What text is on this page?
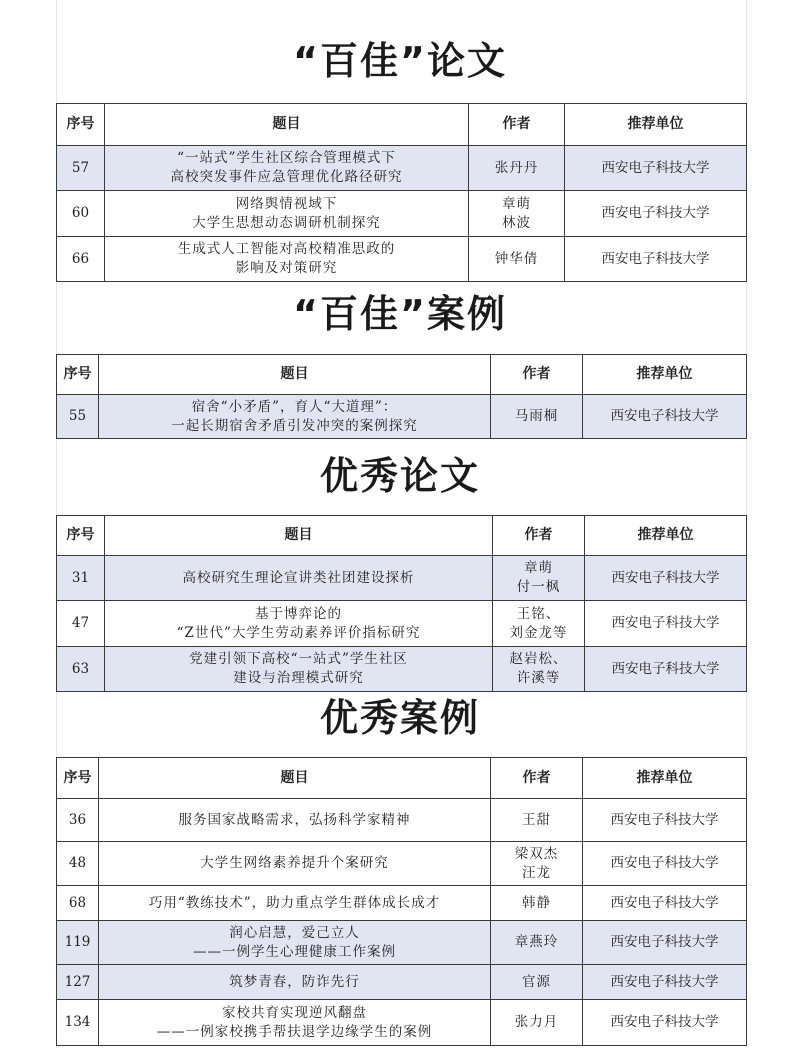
“百佳”论文
序号	题目	作者	推荐单位
57	“一站式”学生社区综合管理模式下
高校突发事件应急管理优化路径研究	张丹丹	西安电子科技大学
60	网络舆情视域下
大学生思想动态调研机制探究	章萌
林波	西安电子科技大学
66	生成式人工智能对高校精准思政的
影响及对策研究	钟华倩	西安电子科技大学
“百佳”案例
序号	题目	作者	推荐单位
55	宿舍“小矛盾”，育人“大道理”：
一起长期宿舍矛盾引发冲突的案例探究	马雨桐	西安电子科技大学
优秀论文
序号	题目	作者	推荐单位
31	高校研究生理论宣讲类社团建设探析	章萌
付一枫	西安电子科技大学
47	基于博弈论的
“Z世代”大学生劳动素养评价指标研究	王铭、
刘金龙等	西安电子科技大学
63	党建引领下高校“一站式”学生社区
建设与治理模式研究	赵岩松、
许溪等	西安电子科技大学
优秀案例
序号	题目	作者	推荐单位
36	服务国家战略需求，弘扬科学家精神	王甜	西安电子科技大学
48	大学生网络素养提升个案研究	梁双杰
汪龙	西安电子科技大学
68	巧用“教练技术”，助力重点学生群体成长成才	韩静	西安电子科技大学
119	润心启慧，爱己立人
——一例学生心理健康工作案例	章燕玲	西安电子科技大学
127	筑梦青春，防诈先行	官源	西安电子科技大学
134	家校共育实现逆风翻盘
——一例家校携手帮扶退学边缘学生的案例	张力月	西安电子科技大学
